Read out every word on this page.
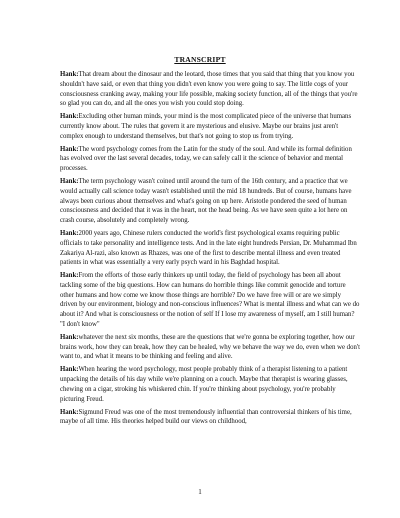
TRANSCRIPT

Hank:That dream about the dinosaur and the leotard, those times that you said that thing that you know you shouldn't have said, or even that thing you didn't even know you were going to say. The little cogs of your consciousness cranking away, making your life possible, making society function, all of the things that you're so glad you can do, and all the ones you wish you could stop doing.

Hank:Excluding other human minds, your mind is the most complicated piece of the universe that humans currently know about. The rules that govern it are mysterious and elusive. Maybe our brains just aren't complex enough to understand themselves, but that's not going to stop us from trying.

Hank:The word psychology comes from the Latin for the study of the soul. And while its formal definition has evolved over the last several decades, today, we can safely call it the science of behavior and mental processes.

Hank:The term psychology wasn't coined until around the turn of the 16th century, and a practice that we would actually call science today wasn't established until the mid 18 hundreds. But of course, humans have always been curious about themselves and what's going on up here. Aristotle pondered the seed of human consciousness and decided that it was in the heart, not the head being. As we have seen quite a lot here on crash course, absolutely and completely wrong.

Hank:2000 years ago, Chinese rulers conducted the world's first psychological exams requiring public officials to take personality and intelligence tests. And in the late eight hundreds Persian, Dr. Muhammad Ibn Zakariya Al-razi, also known as Rhazes, was one of the first to describe mental illness and even treated patients in what was essentially a very early psych ward in his Baghdad hospital.

Hank:From the efforts of those early thinkers up until today, the field of psychology has been all about tackling some of the big questions. How can humans do horrible things like commit genocide and torture other humans and how come we know those things are horrible? Do we have free will or are we simply driven by our environment, biology and non-conscious influences? What is mental illness and what can we do about it? And what is consciousness or the notion of self If I lose my awareness of myself, am I still human? "I don't know"

Hank:whatever the next six months, these are the questions that we're gonna be exploring together, how our brains work, how they can break, how they can be healed, why we behave the way we do, even when we don't want to, and what it means to be thinking and feeling and alive.

Hank:When hearing the word psychology, most people probably think of a therapist listening to a patient unpacking the details of his day while we're planning on a couch. Maybe that therapist is wearing glasses, chewing on a cigar, stroking his whiskered chin. If you're thinking about psychology, you're probably picturing Freud.

Hank:Sigmund Freud was one of the most tremendously influential than controversial thinkers of his time, maybe of all time. His theories helped build our views on childhood,

1
